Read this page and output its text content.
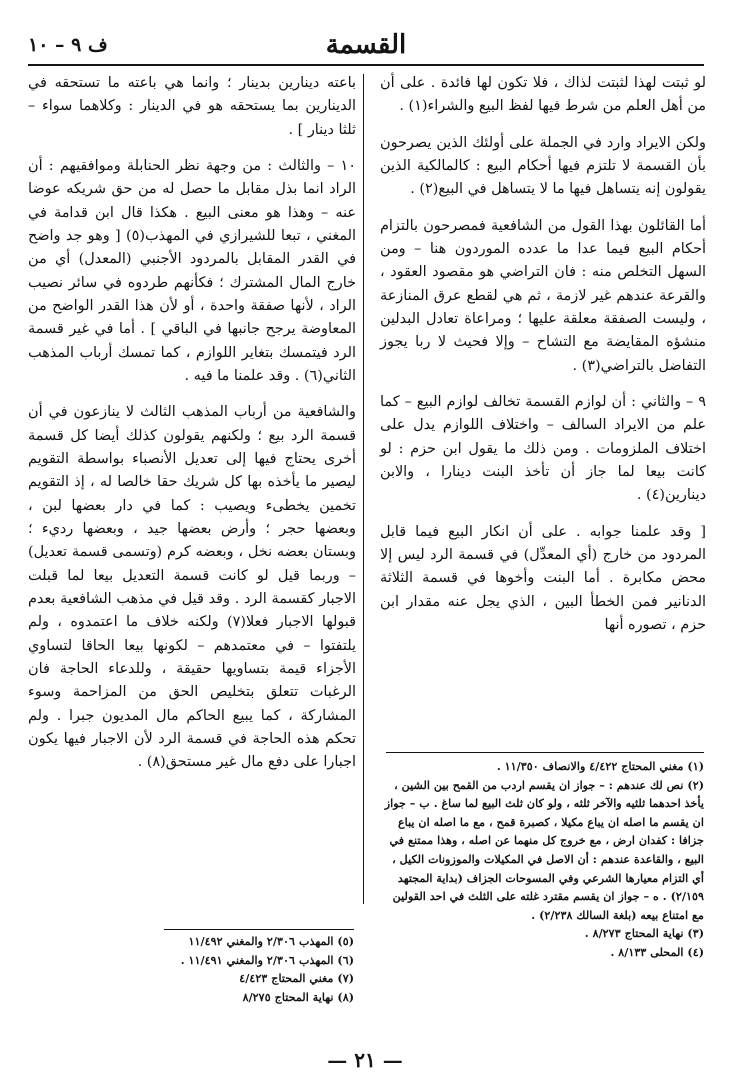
ف ٩ – ١٠	القسمة

لو ثبتت لهذا لثبتت لذاك ، فلا تكون لها فائدة . على أن من أهل العلم من شرط فيها لفظ البيع والشراء(١) .

ولكن الايراد وارد في الجملة على أولئك الذين يصرحون بأن القسمة لا تلتزم فيها أحكام البيع : كالمالكية الذين يقولون إنه يتساهل فيها ما لا يتساهل في البيع(٢) .

أما القائلون بهذا القول من الشافعية فمصرحون بالتزام أحكام البيع فيما عدا ما عدده الموردون هنا – ومن السهل التخلص منه : فان التراضي هو مقصود العقود ، والقرعة عندهم غير لازمة ، ثم هي لقطع عرق المنازعة ، وليست الصفقة معلقة عليها ؛ ومراعاة تعادل البدلين منشؤه المقايضة مع التشاح – وإلا فحيث لا ربا يجوز التفاضل بالتراضي(٣) .

٩ – والثاني : أن لوازم القسمة تخالف لوازم البيع – كما علم من الايراد السالف – واختلاف اللوازم يدل على اختلاف الملزومات . ومن ذلك ما يقول ابن حزم : لو كانت بيعا لما جاز أن تأخذ البنت دينارا ، والابن دينارين(٤) .

[ وقد علمنا جوابه . على أن انكار البيع فيما قابل المردود من خارج (أي المعدِّل) في قسمة الرد ليس إلا محض مكابرة . أما البنت وأخوها في قسمة الثلاثة الدنانير فمن الخطأ البين ، الذي يجل عنه مقدار ابن حزم ، تصوره أنها

باعته دينارين بدينار ؛ وانما هي باعته ما تستحقه في الدينارين بما يستحقه هو في الدينار : وكلاهما سواء – ثلثا دينار ] .

١٠ – والثالث : من وجهة نظر الحنابلة وموافقيهم : أن الراد انما بذل مقابل ما حصل له من حق شريكه عوضا عنه – وهذا هو معنى البيع . هكذا قال ابن قدامة في المغني ، تبعا للشيرازي في المهذب(٥) [ وهو جد واضح في القدر المقابل بالمردود الأجنبي (المعدل) أي من خارج المال المشترك ؛ فكأنهم طردوه في سائر نصيب الراد ، لأنها صفقة واحدة ، أو لأن هذا القدر الواضح من المعاوضة يرجح جانبها في الباقي ] . أما في غير قسمة الرد فيتمسك بتغاير اللوازم ، كما تمسك أرباب المذهب الثاني(٦) . وقد علمنا ما فيه .

والشافعية من أرباب المذهب الثالث لا ينازعون في أن قسمة الرد بيع ؛ ولكنهم يقولون كذلك أيضا كل قسمة أخرى يحتاج فيها إلى تعديل الأنصباء بواسطة التقويم ليصير ما يأخذه بها كل شريك حقا خالصا له ، إذ التقويم تخمين يخطىء ويصيب : كما في دار بعضها لبن ، وبعضها حجر ؛ وأرض بعضها جيد ، وبعضها رديء ؛ وبستان بعضه نخل ، وبعضه كرم (وتسمى قسمة تعديل) – وربما قيل لو كانت قسمة التعديل بيعا لما قبلت الاجبار كقسمة الرد . وقد قيل في مذهب الشافعية بعدم قبولها الاجبار فعلا(٧) ولكنه خلاف ما اعتمدوه ، ولم يلتفتوا – في معتمدهم – لكونها بيعا الحاقا لتساوي الأجزاء قيمة بتساويها حقيقة ، وللدعاء الحاجة فان الرغبات تتعلق بتخليص الحق من المزاحمة وسوء المشاركة ، كما يبيع الحاكم مال المديون جبرا . ولم تحكم هذه الحاجة في قسمة الرد لأن الاجبار فيها يكون اجبارا على دفع مال غير مستحق(٨) .	(١) مغني المحتاج ٤/٤٢٢ والانصاف ١١/٣٥٠ .
(٢) نص لك عندهم : – جواز ان يقسم اردب من القمح بين الشين ، يأخذ احدهما ثلثيه والآخر ثلثه ، ولو كان ثلث البيع لما ساغ . ب – جواز ان يقسم ما اصله ان يباع مكيلا ، كصبرة قمح ، مع ما اصله ان يباع جزافا : كفدان ارض ، مع خروج كل منهما عن اصله ، وهذا ممتنع في البيع ، والقاعدة عندهم : أن الاصل في المكيلات والموزونات الكيل ، أي التزام معيارها الشرعي وفي المسوحات الجزاف (بداية المجتهد ٢/١٥٩) . ه – جواز ان يقسم مقترد غلته على الثلث في احد القولين مع امتناع بيعه (بلغة السالك ٢/٢٣٨) .
(٣) نهاية المحتاج ٨/٢٧٣ .
(٤) المحلى ٨/١٣٣ .
(٥) المهذب ٢/٣٠٦ والمغني ١١/٤٩٢
(٦) المهذب ٢/٣٠٦ والمغني ١١/٤٩١ .
(٧) مغني المحتاج ٤/٤٢٣
(٨) نهاية المحتاج ٨/٢٧٥
— ٢١ —
